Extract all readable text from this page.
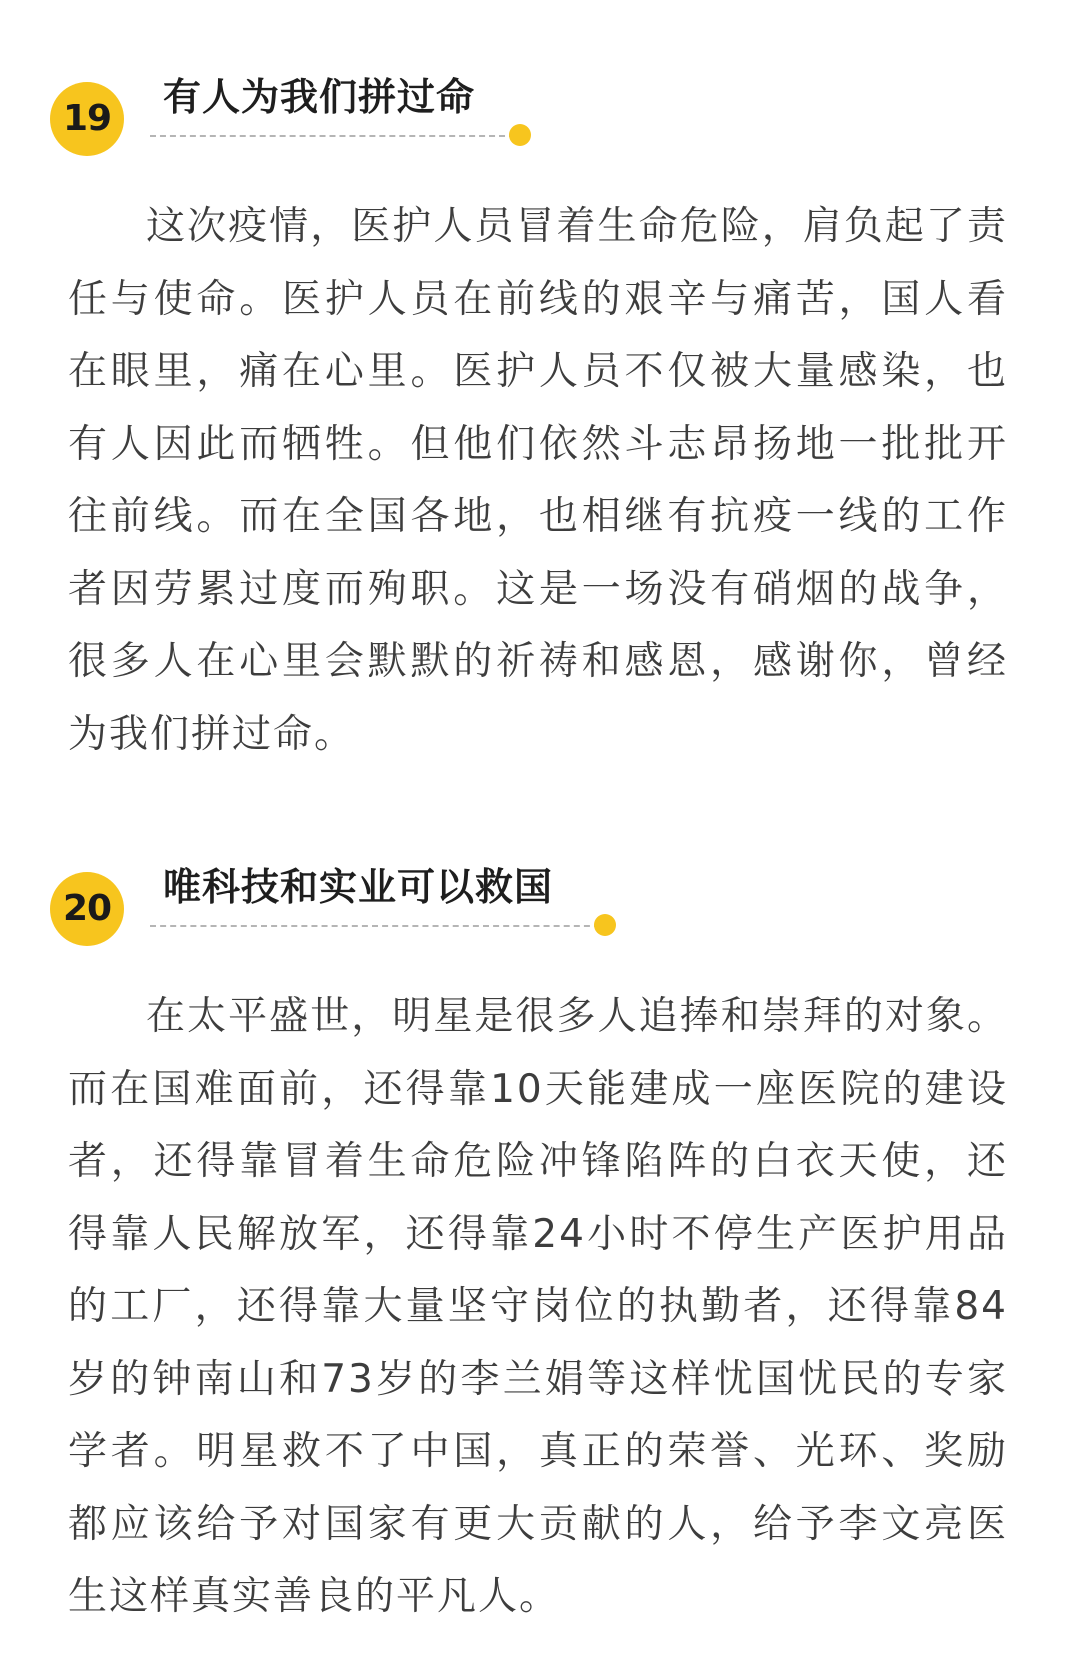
19	有人为我们拼过命

这次疫情，医护人员冒着生命危险，肩负起了责任与使命。医护人员在前线的艰辛与痛苦，国人看在眼里，痛在心里。医护人员不仅被大量感染，也有人因此而牺牲。但他们依然斗志昂扬地一批批开往前线。而在全国各地，也相继有抗疫一线的工作者因劳累过度而殉职。这是一场没有硝烟的战争，很多人在心里会默默的祈祷和感恩，感谢你，曾经为我们拼过命。

20	唯科技和实业可以救国

在太平盛世，明星是很多人追捧和崇拜的对象。而在国难面前，还得靠10天能建成一座医院的建设者，还得靠冒着生命危险冲锋陷阵的白衣天使，还得靠人民解放军，还得靠24小时不停生产医护用品的工厂，还得靠大量坚守岗位的执勤者，还得靠84岁的钟南山和73岁的李兰娟等这样忧国忧民的专家学者。明星救不了中国，真正的荣誉、光环、奖励都应该给予对国家有更大贡献的人，给予李文亮医生这样真实善良的平凡人。
